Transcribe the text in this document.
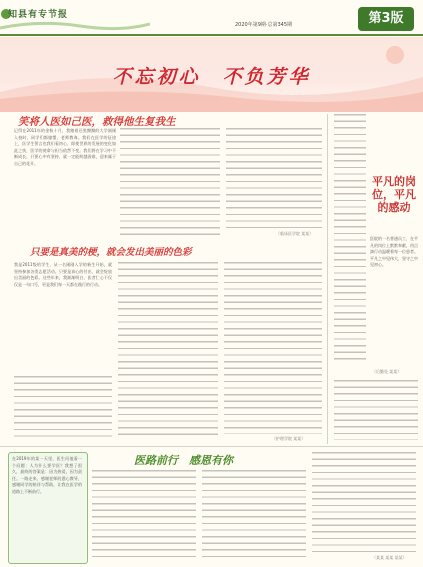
知县有专节报
2020年第9期·总第345期	第3版
不忘初心　不负芳华
笑将人医如己医，救得他生复我生
记得在2011年的金秋十月，我踏着还黑黝黝的大学刚刚入校时，同学们都憧憬，老师教诲。我们在医学的征途上，医学生誓言也我们看初心，即使世界的发展的变化如此之快，医学的使命与担当依然不变。我们将在学习中不断成长，只要心中有坚持，就一定能跨越困难，迎来属于自己的花开。
（临床医学院 某某）
平凡的岗位，平凡的感动
医院的一名普通员工，在平凡的岗位上默默奉献，用点滴行动温暖着每一位患者。平凡之中见伟大，坚守之中见初心。
（后勤处 某某）
只要是真美的梗，就会发出美丽的色彩
我是2011级的学生，从一名刚刚入学的新生开始，就坚持参加各类志愿活动。只要是真心的付出，就会绽放出美丽的色彩。这些年来，我渐渐明白，医者仁心不仅仅是一句口号，更是我们每一天都在践行的行动。
（护理学院 某某）
在2019年的某一天里，医生问他看一个问题：人为什么要学医？我想了很久，最终的答案是：因为热爱，因为责任。一路走来，感谢老师的悉心教导，感谢同学的陪伴与帮助，让我在医学的道路上不断前行。
医路前行　感恩有你
（某某 某某 某某）
